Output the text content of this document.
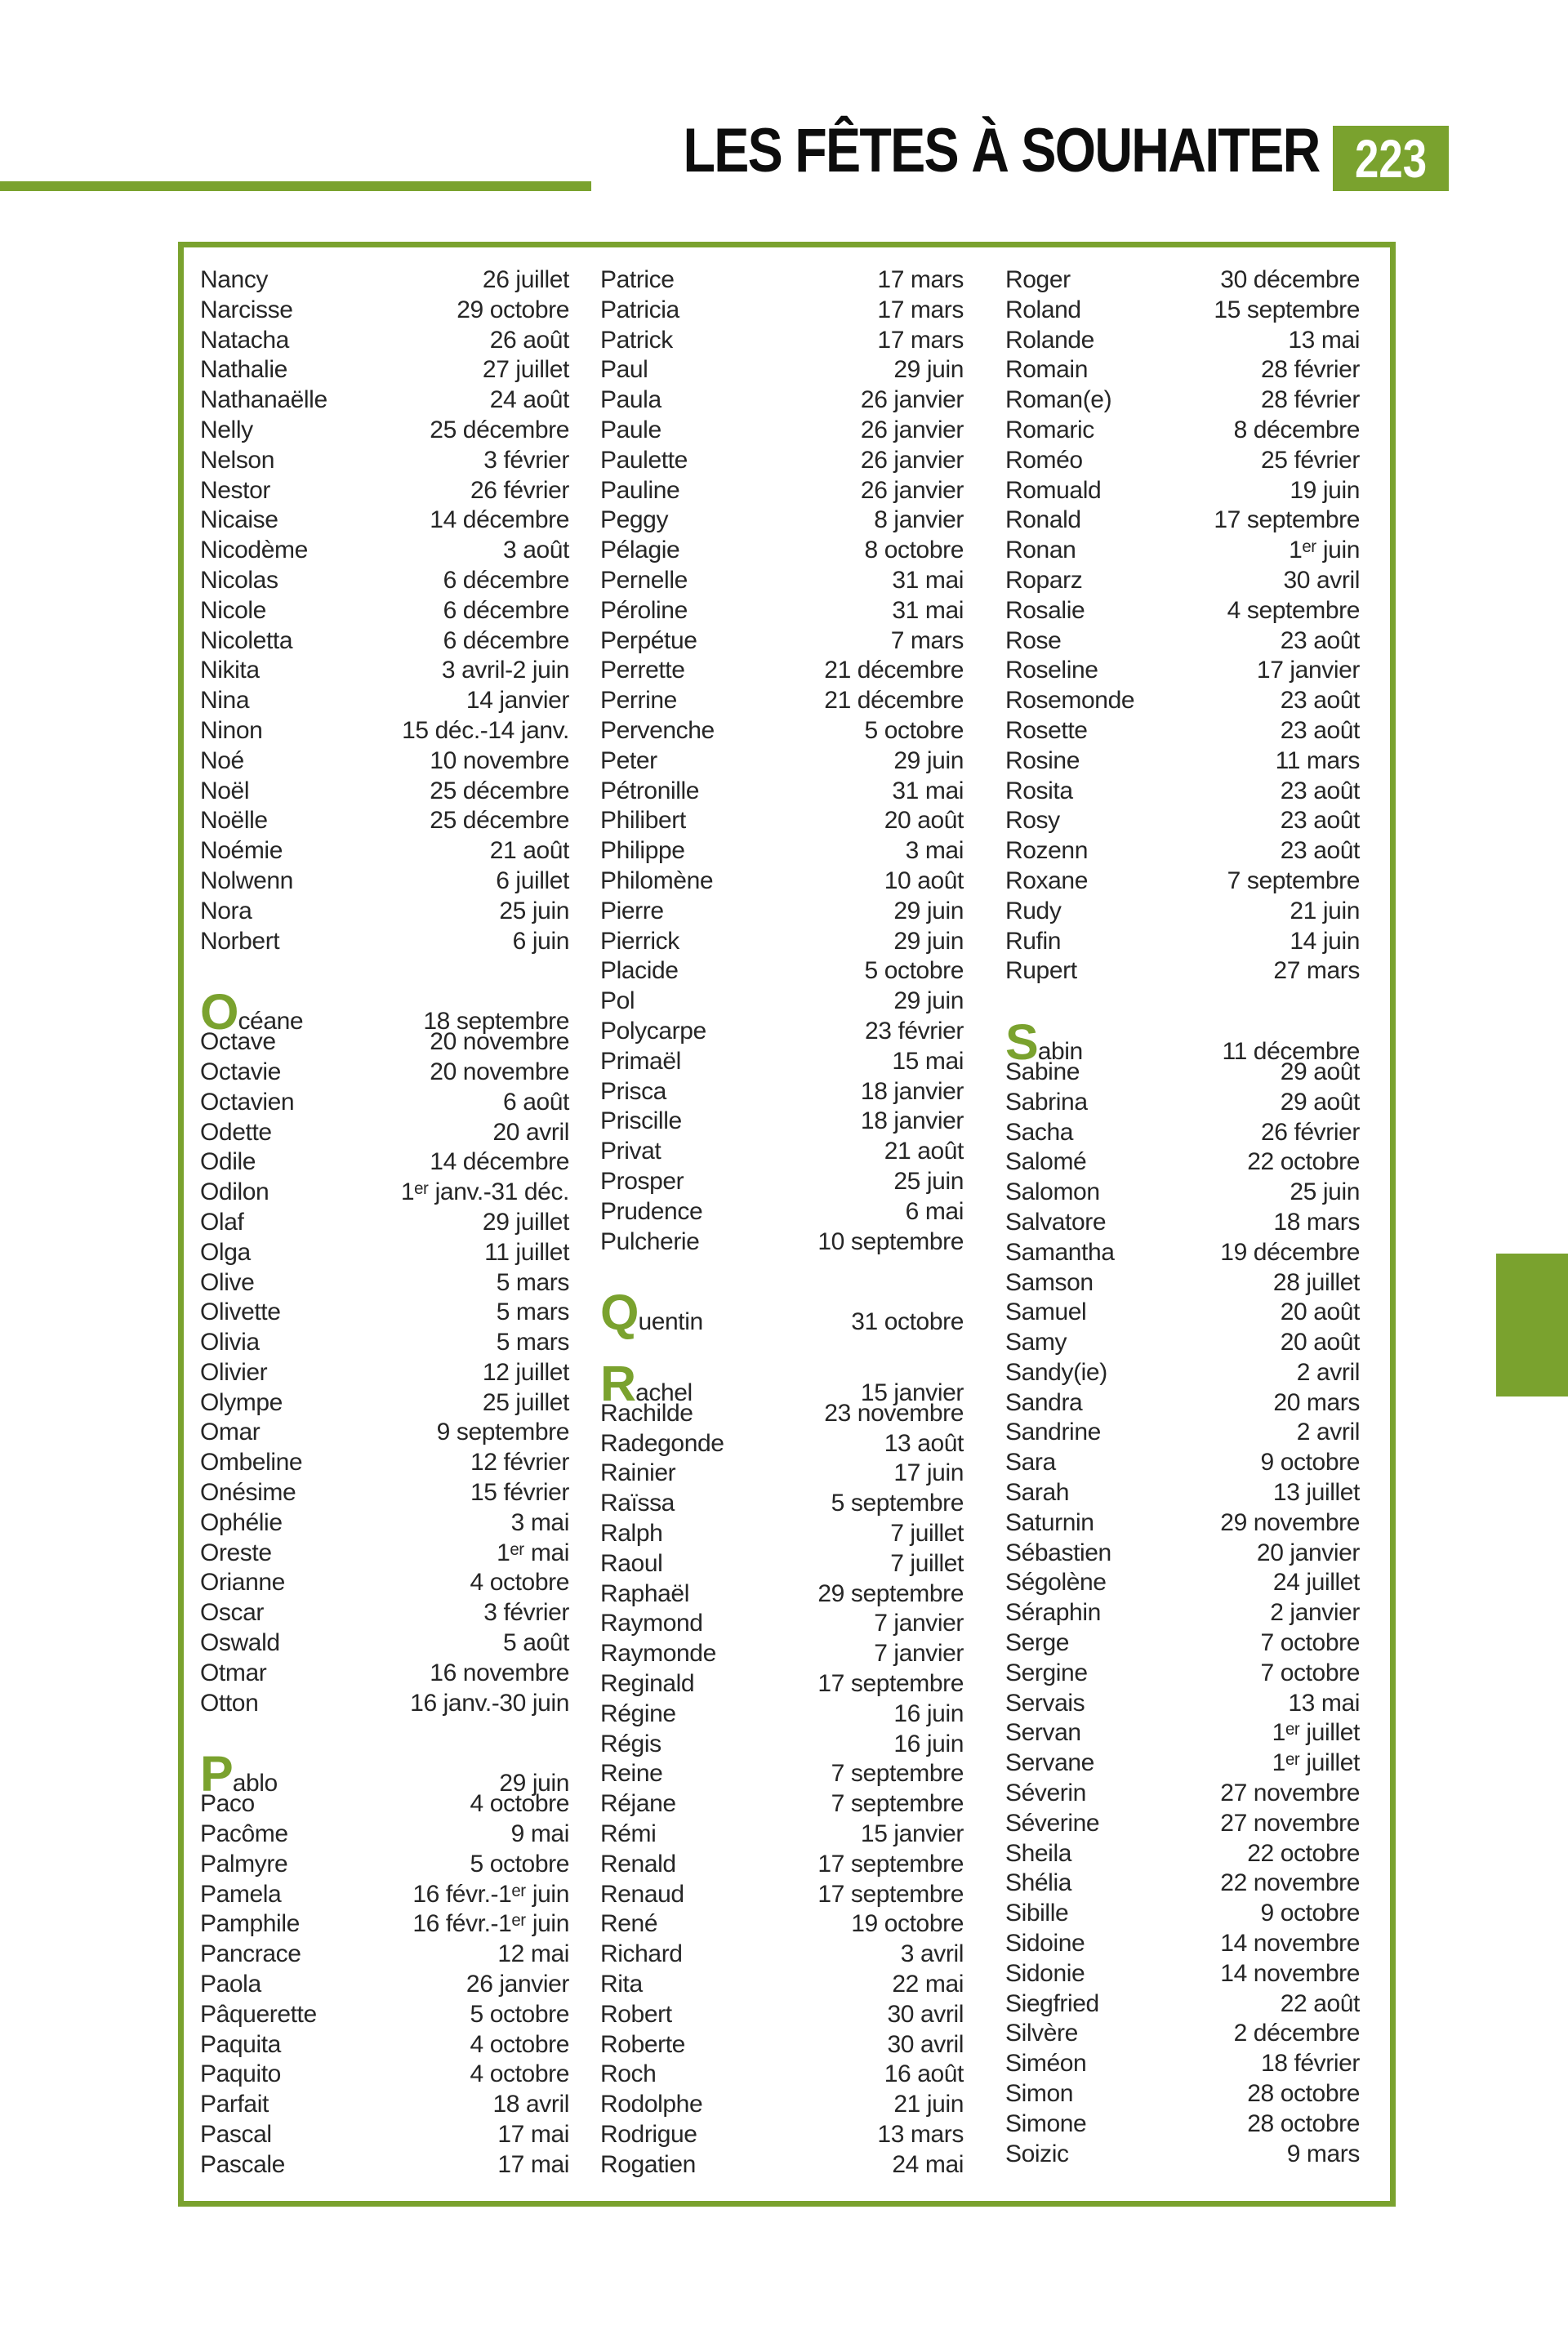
LES FÊTES À SOUHAITER 223
Nancy	26 juillet
Narcisse	29 octobre
Natacha	26 août
Nathalie	27 juillet
Nathanaëlle	24 août
Nelly	25 décembre
Nelson	3 février
Nestor	26 février
Nicaise	14 décembre
Nicodème	3 août
Nicolas	6 décembre
Nicole	6 décembre
Nicoletta	6 décembre
Nikita	3 avril-2 juin
Nina	14 janvier
Ninon	15 déc.-14 janv.
Noé	10 novembre
Noël	25 décembre
Noëlle	25 décembre
Noémie	21 août
Nolwenn	6 juillet
Nora	25 juin
Norbert	6 juin
Océane	18 septembre
Octave	20 novembre
Octavie	20 novembre
Octavien	6 août
Odette	20 avril
Odile	14 décembre
Odilon	1ᵉʳ janv.-31 déc.
Olaf	29 juillet
Olga	11 juillet
Olive	5 mars
Olivette	5 mars
Olivia	5 mars
Olivier	12 juillet
Olympe	25 juillet
Omar	9 septembre
Ombeline	12 février
Onésime	15 février
Ophélie	3 mai
Oreste	1ᵉʳ mai
Orianne	4 octobre
Oscar	3 février
Oswald	5 août
Otmar	16 novembre
Otton	16 janv.-30 juin
Pablo	29 juin
Paco	4 octobre
Pacôme	9 mai
Palmyre	5 octobre
Pamela	16 févr.-1ᵉʳ juin
Pamphile	16 févr.-1ᵉʳ juin
Pancrace	12 mai
Paola	26 janvier
Pâquerette	5 octobre
Paquita	4 octobre
Paquito	4 octobre
Parfait	18 avril
Pascal	17 mai
Pascale	17 mai
Patrice	17 mars
Patricia	17 mars
Patrick	17 mars
Paul	29 juin
Paula	26 janvier
Paule	26 janvier
Paulette	26 janvier
Pauline	26 janvier
Peggy	8 janvier
Pélagie	8 octobre
Pernelle	31 mai
Péroline	31 mai
Perpétue	7 mars
Perrette	21 décembre
Perrine	21 décembre
Pervenche	5 octobre
Peter	29 juin
Pétronille	31 mai
Philibert	20 août
Philippe	3 mai
Philomène	10 août
Pierre	29 juin
Pierrick	29 juin
Placide	5 octobre
Pol	29 juin
Polycarpe	23 février
Primaël	15 mai
Prisca	18 janvier
Priscille	18 janvier
Privat	21 août
Prosper	25 juin
Prudence	6 mai
Pulcherie	10 septembre
Quentin	31 octobre
Rachel	15 janvier
Rachilde	23 novembre
Radegonde	13 août
Rainier	17 juin
Raïssa	5 septembre
Ralph	7 juillet
Raoul	7 juillet
Raphaël	29 septembre
Raymond	7 janvier
Raymonde	7 janvier
Reginald	17 septembre
Régine	16 juin
Régis	16 juin
Reine	7 septembre
Réjane	7 septembre
Rémi	15 janvier
Renald	17 septembre
Renaud	17 septembre
René	19 octobre
Richard	3 avril
Rita	22 mai
Robert	30 avril
Roberte	30 avril
Roch	16 août
Rodolphe	21 juin
Rodrigue	13 mars
Rogatien	24 mai
Roger	30 décembre
Roland	15 septembre
Rolande	13 mai
Romain	28 février
Roman(e)	28 février
Romaric	8 décembre
Roméo	25 février
Romuald	19 juin
Ronald	17 septembre
Ronan	1ᵉʳ juin
Roparz	30 avril
Rosalie	4 septembre
Rose	23 août
Roseline	17 janvier
Rosemonde	23 août
Rosette	23 août
Rosine	11 mars
Rosita	23 août
Rosy	23 août
Rozenn	23 août
Roxane	7 septembre
Rudy	21 juin
Rufin	14 juin
Rupert	27 mars
Sabin	11 décembre
Sabine	29 août
Sabrina	29 août
Sacha	26 février
Salomé	22 octobre
Salomon	25 juin
Salvatore	18 mars
Samantha	19 décembre
Samson	28 juillet
Samuel	20 août
Samy	20 août
Sandy(ie)	2 avril
Sandra	20 mars
Sandrine	2 avril
Sara	9 octobre
Sarah	13 juillet
Saturnin	29 novembre
Sébastien	20 janvier
Ségolène	24 juillet
Séraphin	2 janvier
Serge	7 octobre
Sergine	7 octobre
Servais	13 mai
Servan	1ᵉʳ juillet
Servane	1ᵉʳ juillet
Séverin	27 novembre
Séverine	27 novembre
Sheila	22 octobre
Shélia	22 novembre
Sibille	9 octobre
Sidoine	14 novembre
Sidonie	14 novembre
Siegfried	22 août
Silvère	2 décembre
Siméon	18 février
Simon	28 octobre
Simone	28 octobre
Soizic	9 mars
